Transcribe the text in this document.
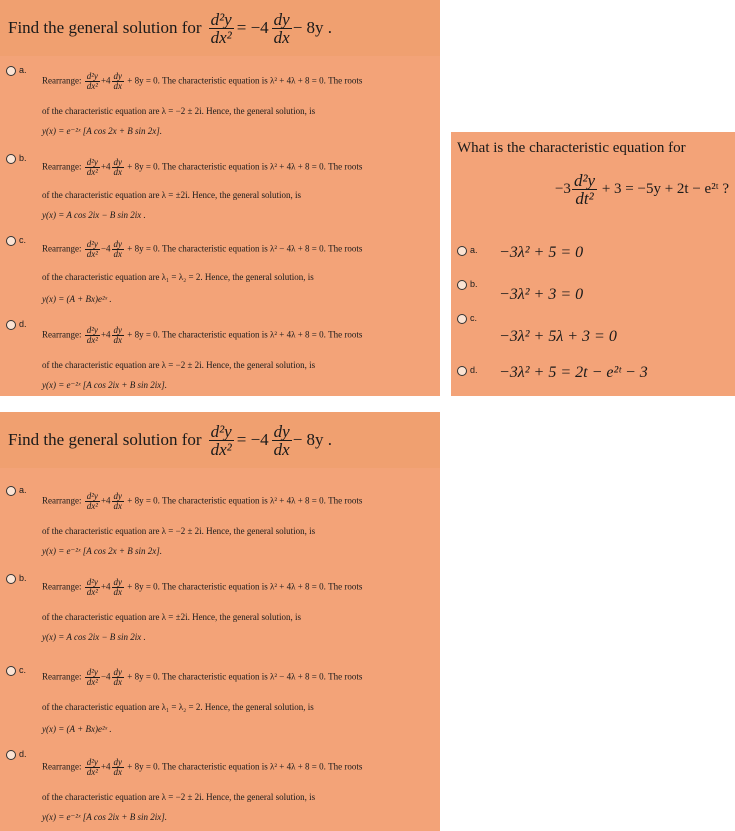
Find the general solution for $\frac{\text{d²y}}{\text{dx²}} = -4 \frac{dy}{dx} - 8y$ .
a.
Rearrange: $\frac{\text{d²y}}{\text{dx²}} +4 \frac{dy}{dx} + 8y = 0$. The characteristic equation is λ² + 4λ + 8 = 0. The roots
of the characteristic equation are λ = −2 ± 2i. Hence, the general solution, is
y(x) = e⁻²ˣ [A cos 2x + B sin 2x].
b.
Rearrange: $\frac{\text{d²y}}{\text{dx²}} +4 \frac{dy}{dx} + 8y = 0$. The characteristic equation is λ² + 4λ + 8 = 0. The roots
of the characteristic equation are λ = ±2i. Hence, the general solution, is
y(x) = A cos 2ix − B sin 2ix .
c.
Rearrange: $\frac{\text{d²y}}{\text{dx²}} -4 \frac{dy}{dx} + 8y = 0$. The characteristic equation is λ² − 4λ + 8 = 0. The roots
of the characteristic equation are λ₁ = λ₂ = 2. Hence, the general solution, is
y(x) = (A + Bx)e²ˣ .
d.
Rearrange: $\frac{\text{d²y}}{\text{dx²}} +4 \frac{dy}{dx} + 8y = 0$. The characteristic equation is λ² + 4λ + 8 = 0. The roots
of the characteristic equation are λ = −2 ± 2i. Hence, the general solution, is
y(x) = e⁻²ˣ [A cos 2ix + B sin 2ix].
What is the characteristic equation for
$-3 \frac{\text{d²y}}{\text{dt²}} + 3 = -5y + 2t$ − e²ᵗ ?
a. −3λ² + 5 = 0
b.
−3λ² + 3 = 0
c.
−3λ² + 5λ + 3 = 0
d. −3λ² + 5 = 2t − e²ᵗ − 3
Find the general solution for $\frac{\text{d²y}}{\text{dx²}} = -4 \frac{dy}{dx} - 8y$ .
a.
Rearrange: $\frac{\text{d²y}}{\text{dx²}} +4 \frac{dy}{dx} + 8y = 0$. The characteristic equation is λ² + 4λ + 8 = 0. The roots
of the characteristic equation are λ = −2 ± 2i. Hence, the general solution, is
y(x) = e⁻²ˣ [A cos 2x + B sin 2x].
b.
Rearrange: $\frac{\text{d²y}}{\text{dx²}} +4 \frac{dy}{dx} + 8y = 0$. The characteristic equation is λ² + 4λ + 8 = 0. The roots
of the characteristic equation are λ = ±2i. Hence, the general solution, is
y(x) = A cos 2ix − B sin 2ix .
c.
Rearrange: $\frac{\text{d²y}}{\text{dx²}} -4 \frac{dy}{dx} + 8y = 0$. The characteristic equation is λ² − 4λ + 8 = 0. The roots
of the characteristic equation are λ₁ = λ₂ = 2. Hence, the general solution, is
y(x) = (A + Bx)e²ˣ .
d.
Rearrange: $\frac{\text{d²y}}{\text{dx²}} +4 \frac{dy}{dx} + 8y = 0$. The characteristic equation is λ² + 4λ + 8 = 0. The roots
of the characteristic equation are λ = −2 ± 2i. Hence, the general solution, is
y(x) = e⁻²ˣ [A cos 2ix + B sin 2ix].
